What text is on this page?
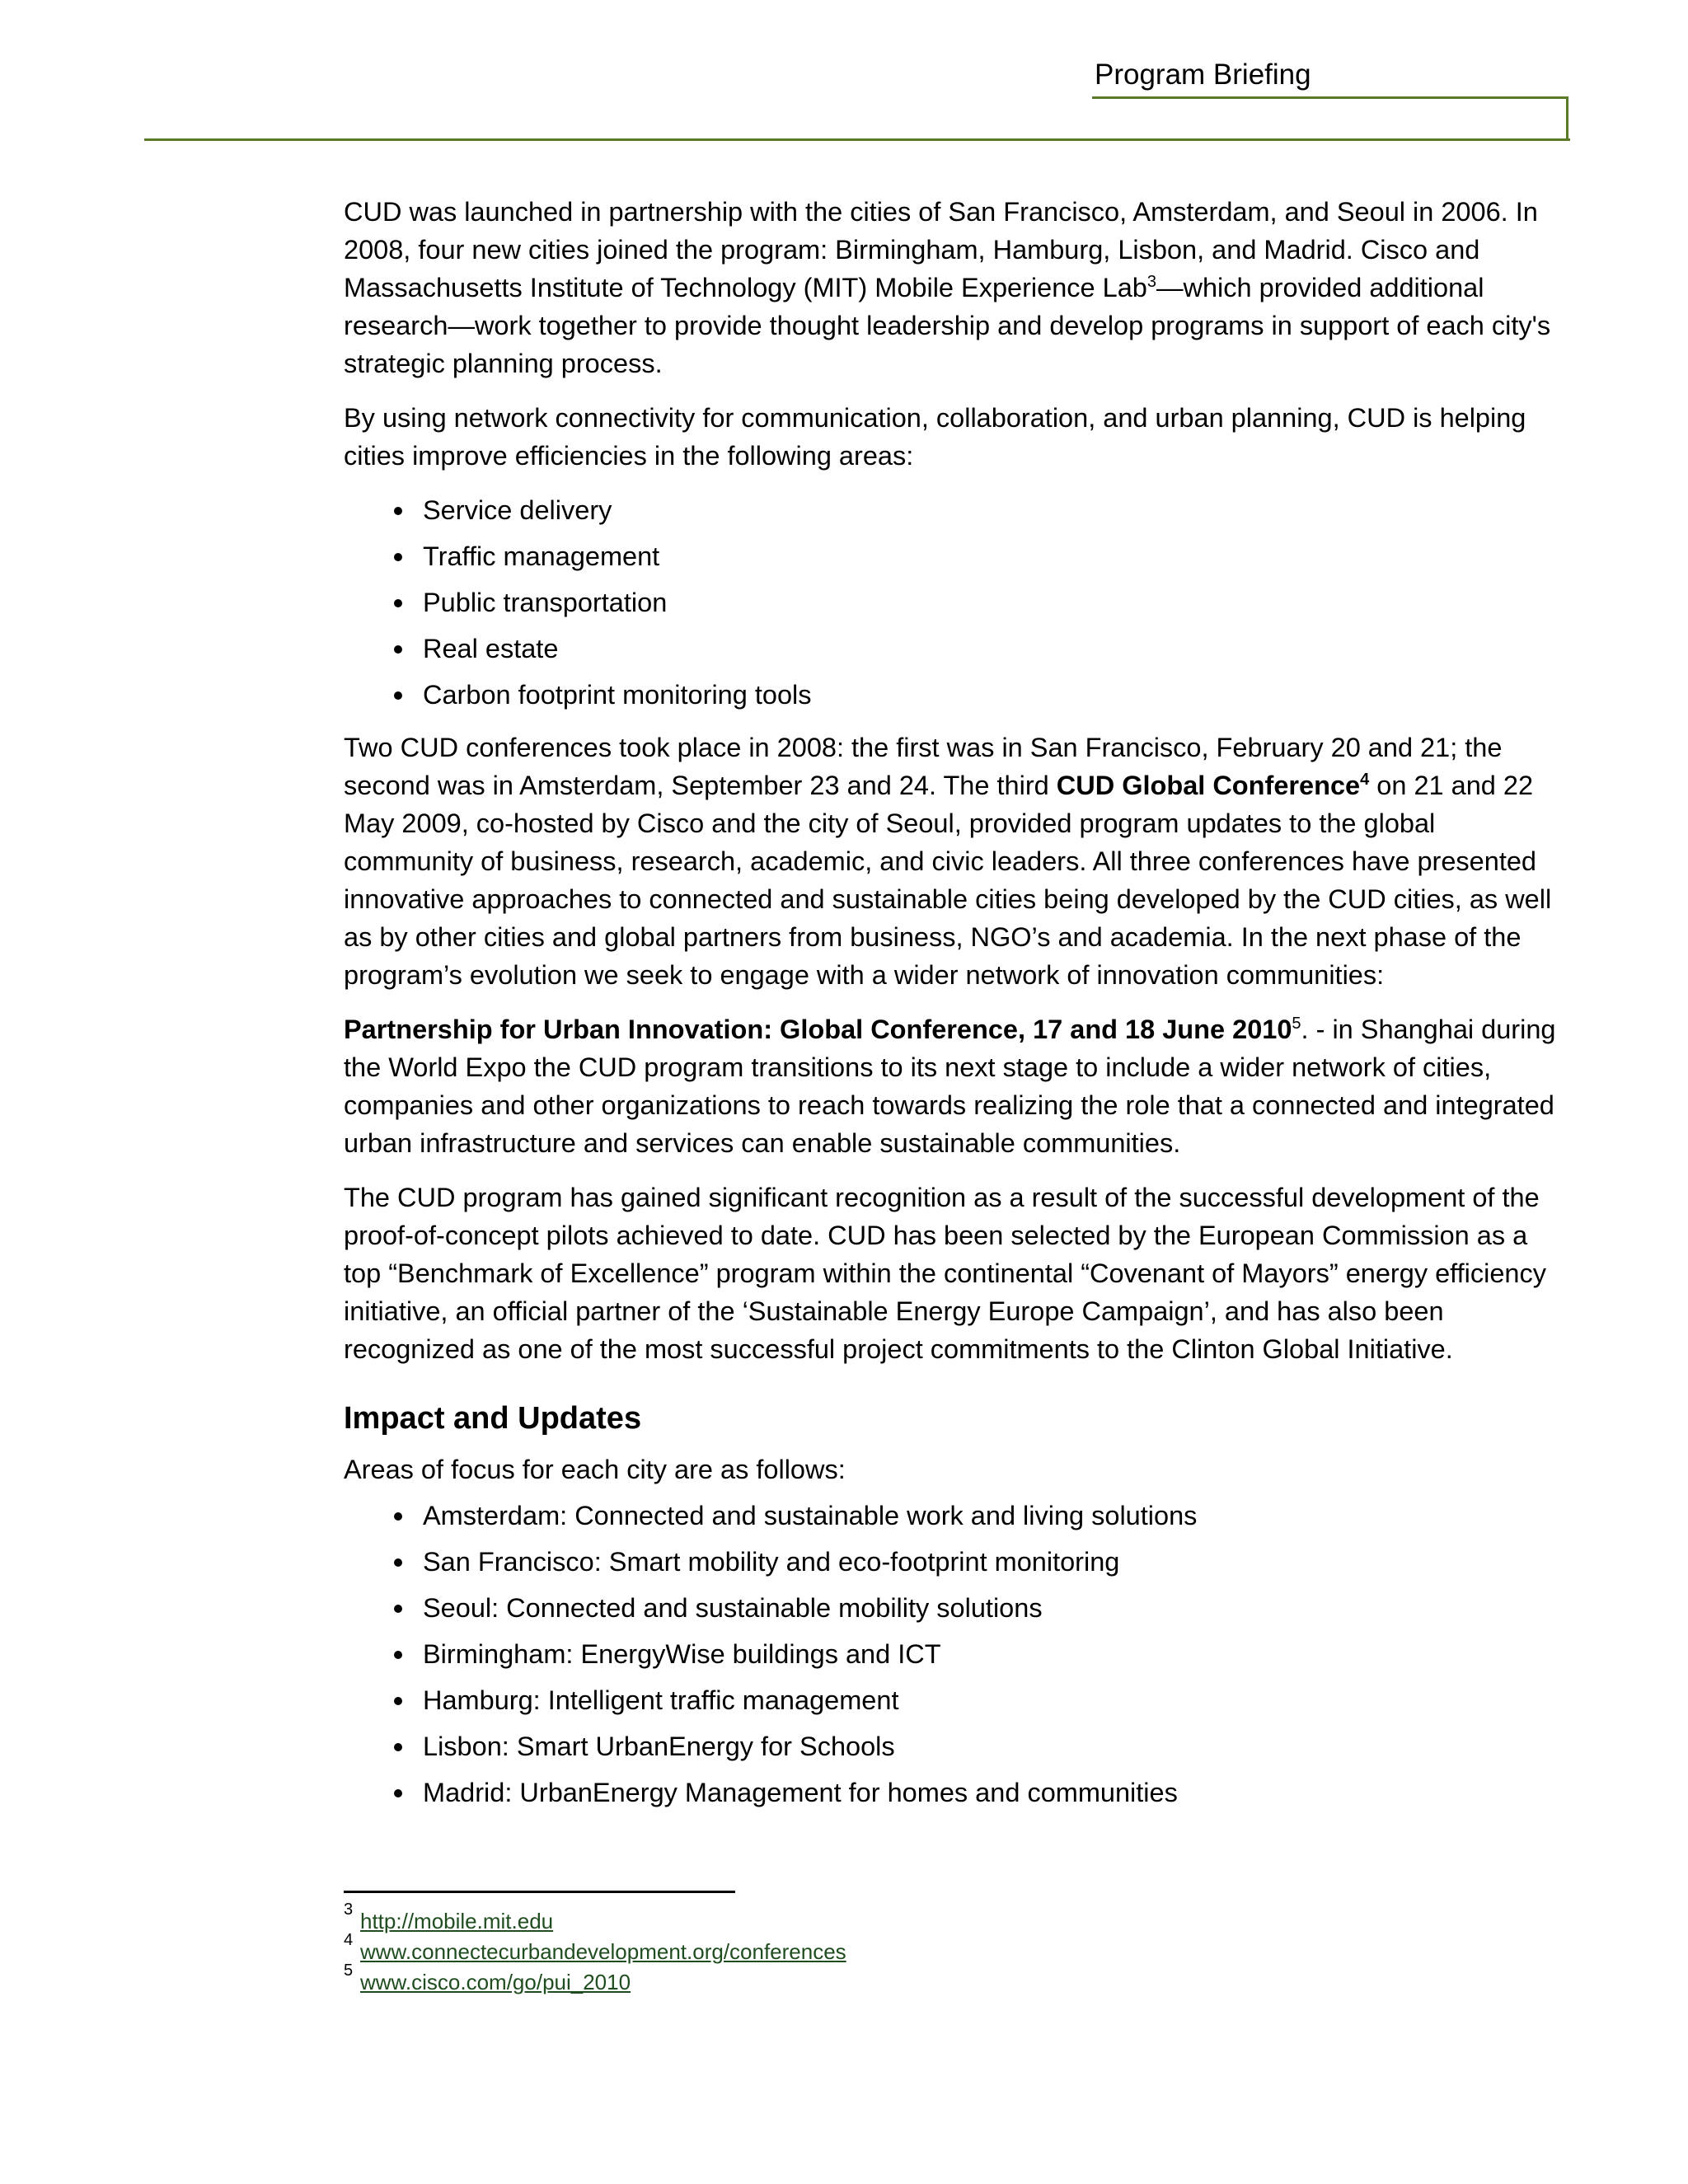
Program Briefing

CUD was launched in partnership with the cities of San Francisco, Amsterdam, and Seoul in 2006. In 2008, four new cities joined the program: Birmingham, Hamburg, Lisbon, and Madrid. Cisco and Massachusetts Institute of Technology (MIT) Mobile Experience Lab$^3$—which provided additional research—work together to provide thought leadership and develop programs in support of each city's strategic planning process.

By using network connectivity for communication, collaboration, and urban planning, CUD is helping cities improve efficiencies in the following areas:

Service delivery
Traffic management
Public transportation
Real estate
Carbon footprint monitoring tools

Two CUD conferences took place in 2008: the first was in San Francisco, February 20 and 21; the second was in Amsterdam, September 23 and 24. The third CUD Global Conference$^4$ on 21 and 22 May 2009, co-hosted by Cisco and the city of Seoul, provided program updates to the global community of business, research, academic, and civic leaders. All three conferences have presented innovative approaches to connected and sustainable cities being developed by the CUD cities, as well as by other cities and global partners from business, NGO’s and academia. In the next phase of the program’s evolution we seek to engage with a wider network of innovation communities:

Partnership for Urban Innovation: Global Conference, 17 and 18 June 2010$^5$. - in Shanghai during the World Expo the CUD program transitions to its next stage to include a wider network of cities, companies and other organizations to reach towards realizing the role that a connected and integrated urban infrastructure and services can enable sustainable communities.

The CUD program has gained significant recognition as a result of the successful development of the proof-of-concept pilots achieved to date. CUD has been selected by the European Commission as a top “Benchmark of Excellence” program within the continental “Covenant of Mayors” energy efficiency initiative, an official partner of the ‘Sustainable Energy Europe Campaign’, and has also been recognized as one of the most successful project commitments to the Clinton Global Initiative.

Impact and Updates

Areas of focus for each city are as follows:

Amsterdam: Connected and sustainable work and living solutions
San Francisco: Smart mobility and eco-footprint monitoring
Seoul: Connected and sustainable mobility solutions
Birmingham: EnergyWise buildings and ICT
Hamburg: Intelligent traffic management
Lisbon: Smart UrbanEnergy for Schools
Madrid: UrbanEnergy Management for homes and communities
3 http://mobile.mit.edu
4 www.connectecurbandevelopment.org/conferences
5 www.cisco.com/go/pui_2010
